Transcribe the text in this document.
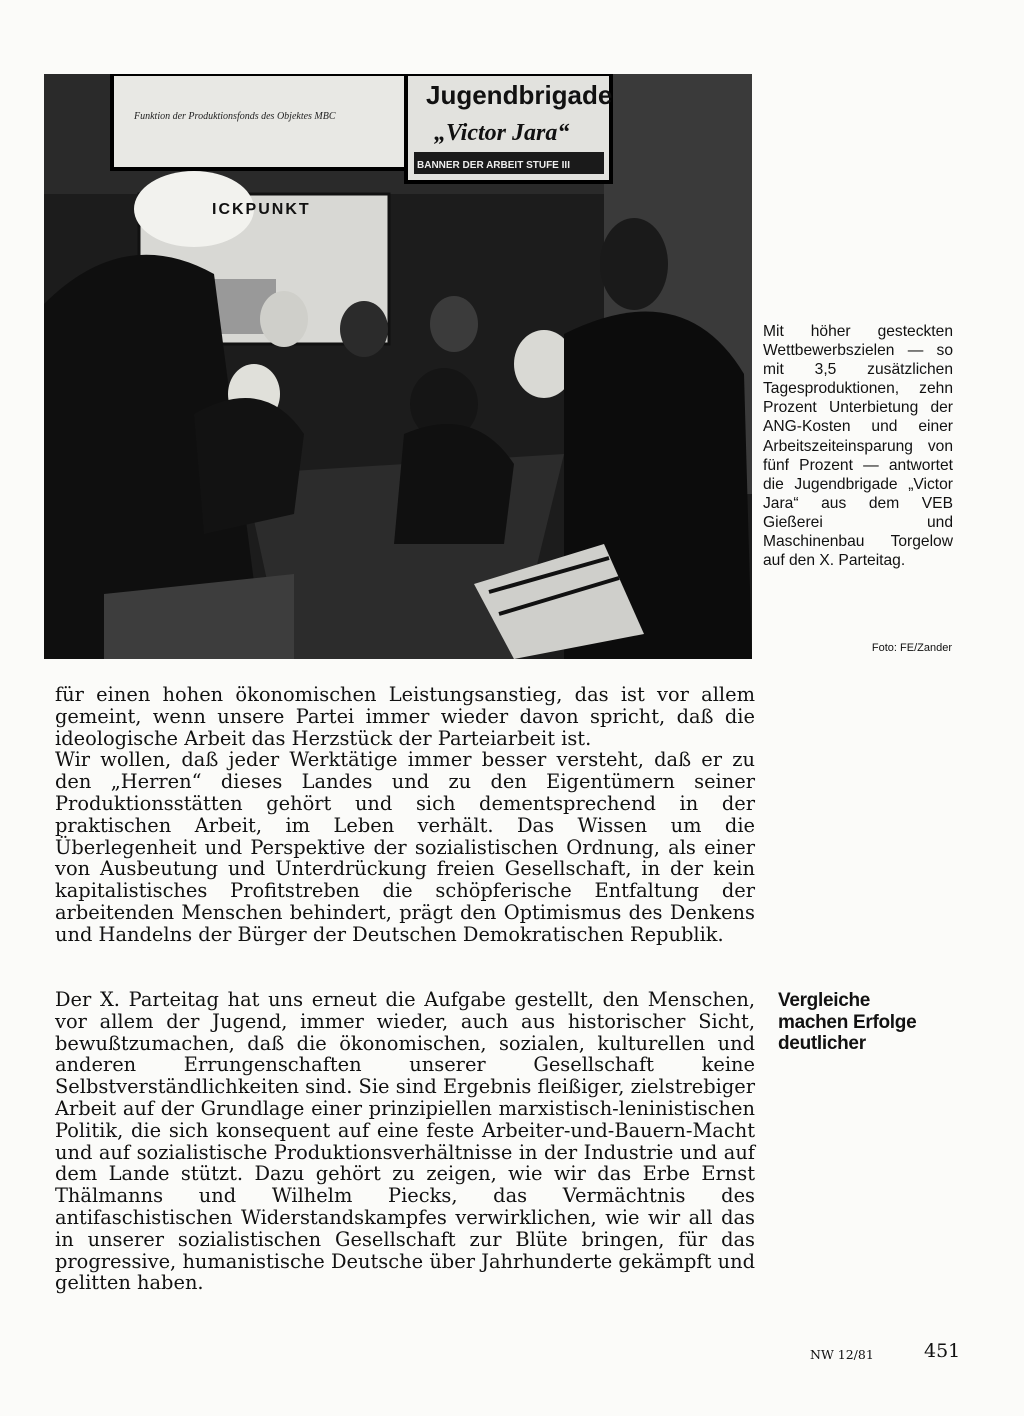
Jugendbrigade
„Victor Jara“
BANNER DER ARBEIT STUFE III
ICKPUNKT
Funktion der Produktionsfonds des Objektes MBC

Mit höher gesteckten Wettbewerbszielen — so mit 3,5 zusätzlichen Tagesproduktionen, zehn Prozent Unterbietung der ANG-Kosten und einer Arbeitszeiteinsparung von fünf Prozent — antwortet die Jugendbrigade „Victor Jara“ aus dem VEB Gießerei und Maschinenbau Torgelow auf den X. Parteitag.

Foto: FE/Zander

für einen hohen ökonomischen Leistungsanstieg, das ist vor allem gemeint, wenn unsere Partei immer wieder davon spricht, daß die ideologische Arbeit das Herzstück der Parteiarbeit ist.
Wir wollen, daß jeder Werktätige immer besser versteht, daß er zu den „Herren“ dieses Landes und zu den Eigentümern seiner Produktionsstätten gehört und sich dementsprechend in der praktischen Arbeit, im Leben verhält. Das Wissen um die Überlegenheit und Perspektive der sozialistischen Ordnung, als einer von Ausbeutung und Unterdrückung freien Gesellschaft, in der kein kapitalistisches Profitstreben die schöpferische Entfaltung der arbeitenden Menschen behindert, prägt den Optimismus des Denkens und Handelns der Bürger der Deutschen Demokratischen Republik.

Vergleiche
machen Erfolge
deutlicher

Der X. Parteitag hat uns erneut die Aufgabe gestellt, den Menschen, vor allem der Jugend, immer wieder, auch aus historischer Sicht, bewußtzumachen, daß die ökonomischen, sozialen, kulturellen und anderen Errungenschaften unserer Gesellschaft keine Selbstverständlichkeiten sind. Sie sind Ergebnis fleißiger, zielstrebiger Arbeit auf der Grundlage einer prinzipiellen marxistisch-leninistischen Politik, die sich konsequent auf eine feste Arbeiter-und-Bauern-Macht und auf sozialistische Produktionsverhältnisse in der Industrie und auf dem Lande stützt. Dazu gehört zu zeigen, wie wir das Erbe Ernst Thälmanns und Wilhelm Piecks, das Vermächtnis des antifaschistischen Widerstandskampfes verwirklichen, wie wir all das in unserer sozialistischen Gesellschaft zur Blüte bringen, für das progressive, humanistische Deutsche über Jahrhunderte gekämpft und gelitten haben.

NW 12/81	451
